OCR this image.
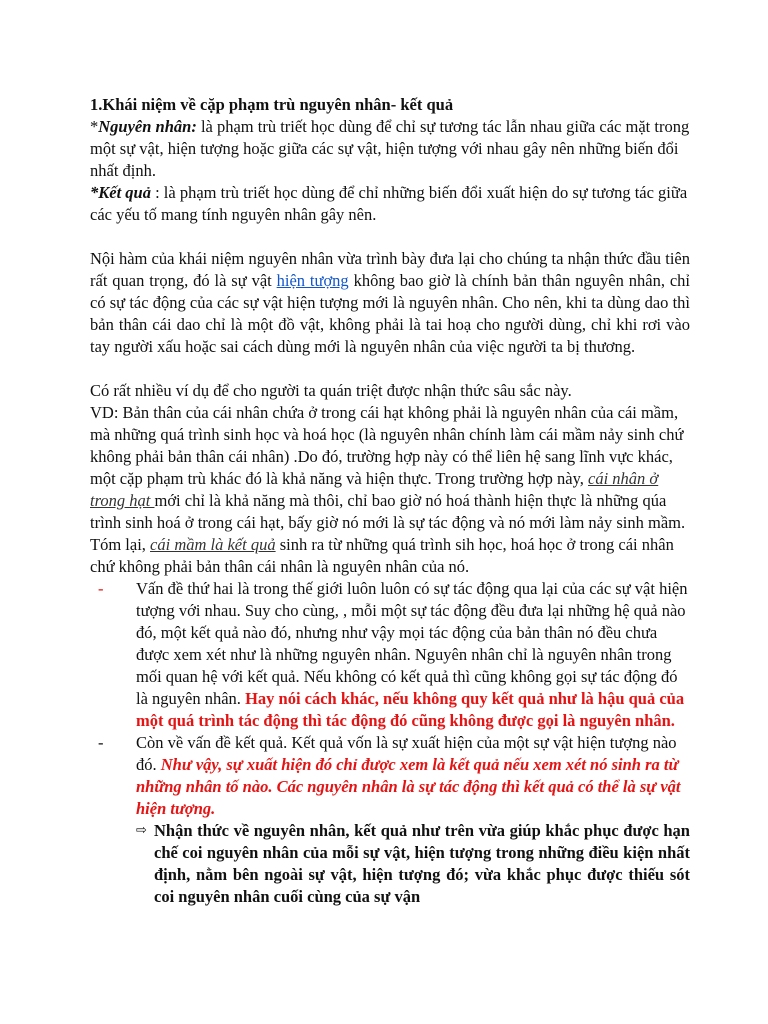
1.Khái niệm về cặp phạm trù nguyên nhân- kết quả

*Nguyên nhân: là phạm trù triết học dùng để chỉ sự tương tác lẫn nhau giữa các mặt trong một sự vật, hiện tượng hoặc giữa các sự vật, hiện tượng với nhau gây nên những biến đổi nhất định.

*Kết quả : là phạm trù triết học dùng để chỉ những biến đổi xuất hiện do sự tương tác giữa các yếu tố mang tính nguyên nhân gây nên.

Nội hàm của khái niệm nguyên nhân vừa trình bày đưa lại cho chúng ta nhận thức đầu tiên rất quan trọng, đó là sự vật hiện tượng không bao giờ là chính bản thân nguyên nhân, chỉ có sự tác động của các sự vật hiện tượng mới là nguyên nhân. Cho nên, khi ta dùng dao thì bản thân cái dao chỉ là một đồ vật, không phải là tai hoạ cho người dùng, chỉ khi rơi vào tay người xấu hoặc sai cách dùng mới là nguyên nhân của việc người ta bị thương.

Có rất nhiều ví dụ để cho người ta quán triệt được nhận thức sâu sắc này.

VD: Bản thân của cái nhân chứa ở trong cái hạt không phải là nguyên nhân của cái mầm, mà những quá trình sinh học và hoá học (là nguyên nhân chính làm cái mầm nảy sinh chứ không phải bản thân cái nhân) .Do đó, trường hợp này có thể liên hệ sang lĩnh vực khác, một cặp phạm trù khác đó là khả năng và hiện thực. Trong trường hợp này, cái nhân ở trong hạt mới chỉ là khả năng mà thôi, chỉ bao giờ nó hoá thành hiện thực là những qúa trình sinh hoá ở trong cái hạt, bấy giờ nó mới là sự tác động và nó mới làm nảy sinh mầm. Tóm lại, cái mầm là kết quả sinh ra từ những quá trình sih học, hoá học ở trong cái nhân chứ không phải bản thân cái nhân là nguyên nhân của nó.

-	Vấn đề thứ hai là trong thế giới luôn luôn có sự tác động qua lại của các sự vật hiện tượng với nhau. Suy cho cùng, , mỗi một sự tác động đều đưa lại những hệ quả nào đó, một kết quả nào đó, nhưng như vậy mọi tác động của bản thân nó đều chưa được xem xét như là những nguyên nhân. Nguyên nhân chỉ là nguyên nhân trong mối quan hệ với kết quả. Nếu không có kết quả thì cũng không gọi sự tác động đó là nguyên nhân. Hay nói cách khác, nếu không quy kết quả như là hậu quả của một quá trình tác động thì tác động đó cũng không được gọi là nguyên nhân.
-	Còn về vấn đề kết quả. Kết quả vốn là sự xuất hiện của một sự vật hiện tượng nào đó. Như vậy, sự xuất hiện đó chỉ được xem là kết quả nếu xem xét nó sinh ra từ những nhân tố nào. Các nguyên nhân là sự tác động thì kết quả có thể là sự vật hiện tượng.
⇨ Nhận thức về nguyên nhân, kết quả như trên vừa giúp khắc phục được hạn chế coi nguyên nhân của mỗi sự vật, hiện tượng trong những điều kiện nhất định, nằm bên ngoài sự vật, hiện tượng đó; vừa khắc phục được thiếu sót coi nguyên nhân cuối cùng của sự vận
